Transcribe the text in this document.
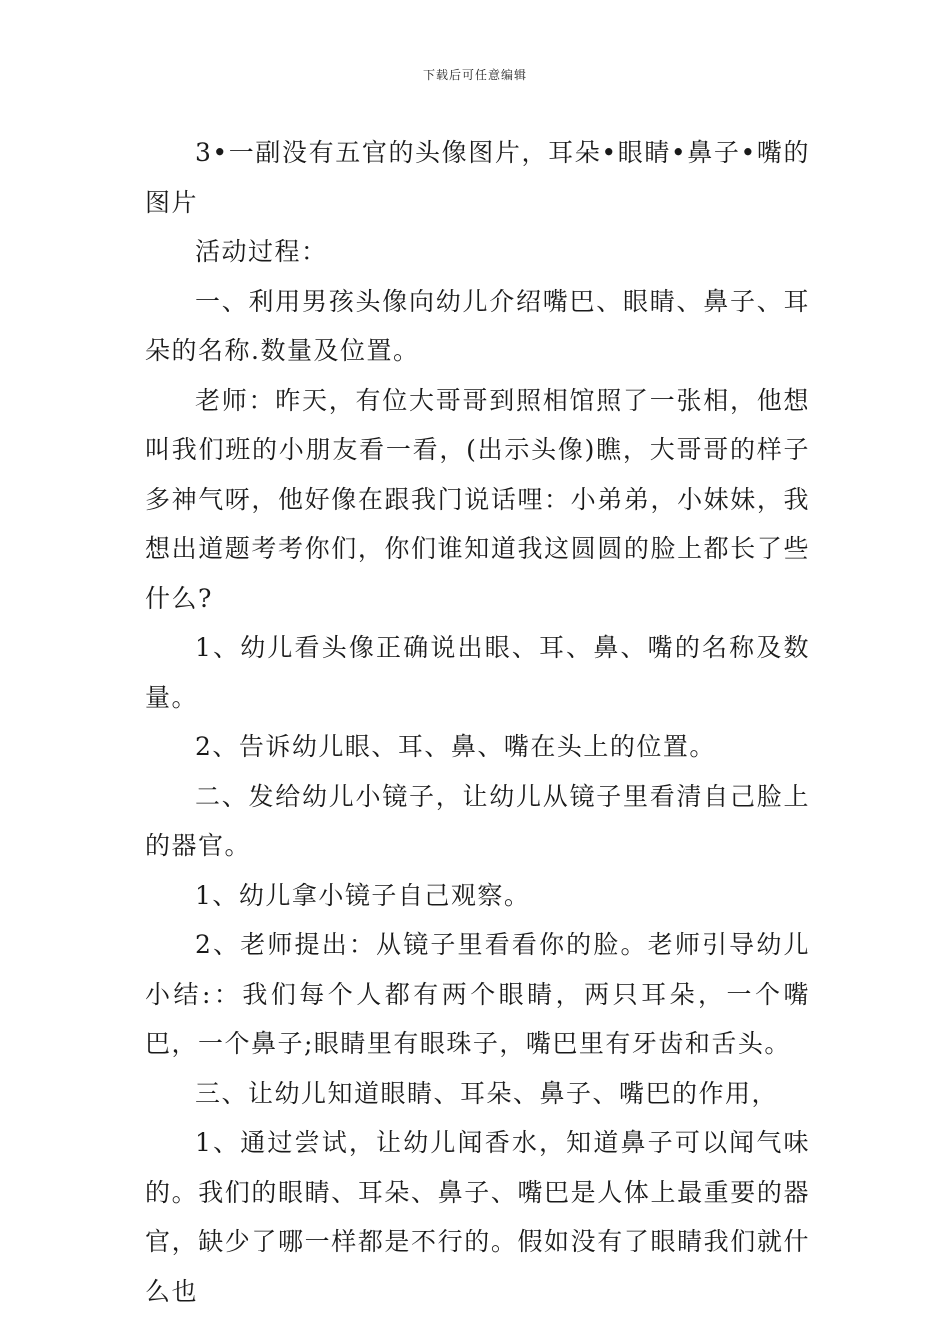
下载后可任意编辑

3•一副没有五官的头像图片，耳朵•眼睛•鼻子•嘴的图片

活动过程：

一、利用男孩头像向幼儿介绍嘴巴、眼睛、鼻子、耳朵的名称.数量及位置。

老师：昨天，有位大哥哥到照相馆照了一张相，他想叫我们班的小朋友看一看，(出示头像)瞧，大哥哥的样子多神气呀，他好像在跟我门说话哩：小弟弟，小妹妹，我想出道题考考你们，你们谁知道我这圆圆的脸上都长了些什么?

1、幼儿看头像正确说出眼、耳、鼻、嘴的名称及数量。

2、告诉幼儿眼、耳、鼻、嘴在头上的位置。

二、发给幼儿小镜子，让幼儿从镜子里看清自己脸上的器官。

1、幼儿拿小镜子自己观察。

2、老师提出：从镜子里看看你的脸。老师引导幼儿小结:：我们每个人都有两个眼睛，两只耳朵，一个嘴巴，一个鼻子;眼睛里有眼珠子，嘴巴里有牙齿和舌头。

三、让幼儿知道眼睛、耳朵、鼻子、嘴巴的作用，

1、通过尝试，让幼儿闻香水，知道鼻子可以闻气味的。我们的眼睛、耳朵、鼻子、嘴巴是人体上最重要的器官，缺少了哪一样都是不行的。假如没有了眼睛我们就什么也
